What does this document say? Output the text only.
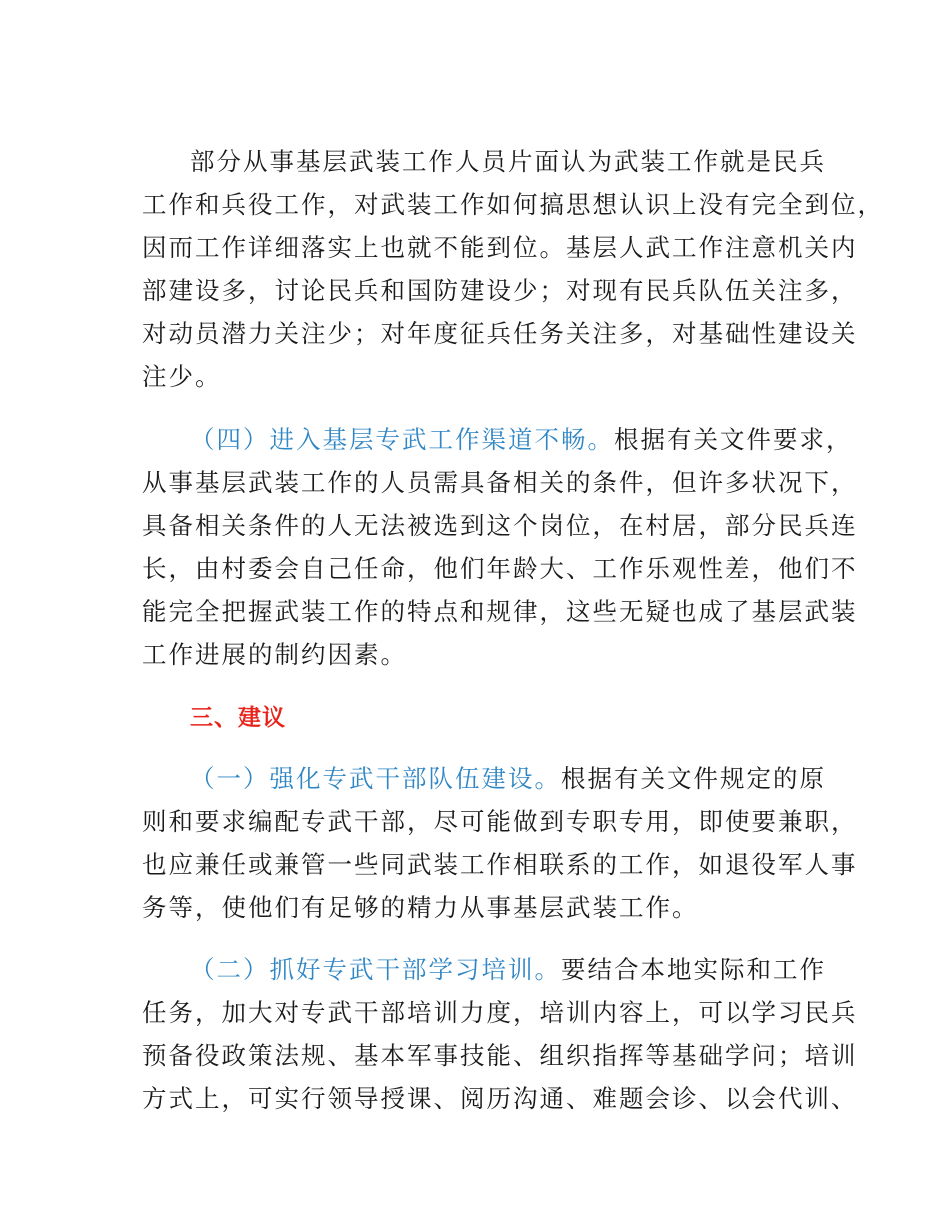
部分从事基层武装工作人员片面认为武装工作就是民兵
工作和兵役工作，对武装工作如何搞思想认识上没有完全到位，
因而工作详细落实上也就不能到位。基层人武工作注意机关内
部建设多，讨论民兵和国防建设少；对现有民兵队伍关注多，
对动员潜力关注少；对年度征兵任务关注多，对基础性建设关
注少。
（四）进入基层专武工作渠道不畅。根据有关文件要求，
从事基层武装工作的人员需具备相关的条件，但许多状况下，
具备相关条件的人无法被选到这个岗位，在村居，部分民兵连
长，由村委会自己任命，他们年龄大、工作乐观性差，他们不
能完全把握武装工作的特点和规律，这些无疑也成了基层武装
工作进展的制约因素。
三、建议
（一）强化专武干部队伍建设。根据有关文件规定的原
则和要求编配专武干部，尽可能做到专职专用，即使要兼职，
也应兼任或兼管一些同武装工作相联系的工作，如退役军人事
务等，使他们有足够的精力从事基层武装工作。
（二）抓好专武干部学习培训。要结合本地实际和工作
任务，加大对专武干部培训力度，培训内容上，可以学习民兵
预备役政策法规、基本军事技能、组织指挥等基础学问；培训
方式上，可实行领导授课、阅历沟通、难题会诊、以会代训、
